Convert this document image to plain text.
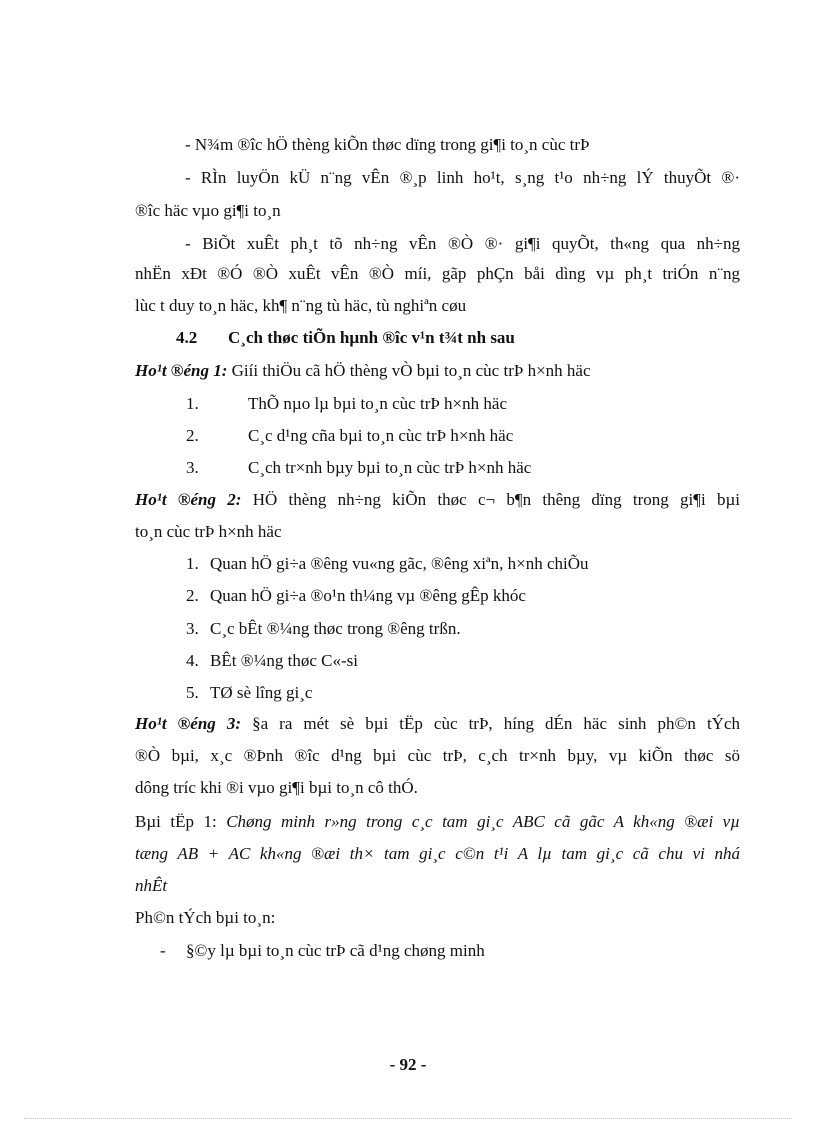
- N¾m ®îc hÖ thèng kiÕn thøc dïng trong gi¶i to¸n cùc trÞ
- RÌn luyÖn kÜ n¨ng vÊn ®¸p linh ho¹t, s¸ng t¹o nh÷ng lÝ thuyÕt ®·
®îc häc vµo gi¶i to¸n
- BiÕt xuÊt ph¸t tõ nh÷ng vÊn ®Ò ®· gi¶i quyÕt, th«ng qua nh÷ng
nhËn xÐt ®Ó ®Ò xuÊt vÊn ®Ò míi, gãp phÇn båi dìng vµ ph¸t triÓn n¨ng
lùc t duy to¸n häc, kh¶ n¨ng tù häc, tù nghiªn cøu
4.2 C¸ch thøc tiÕn hµnh ®îc v¹n t¾t nh sau
Ho¹t ®éng 1: Giíi thiÖu cã hÖ thèng vÒ bµi to¸n cùc trÞ h×nh häc
1.	ThÕ nµo lµ bµi to¸n cùc trÞ h×nh häc
2.	C¸c d¹ng cña bµi to¸n cùc trÞ h×nh häc
3.	C¸ch tr×nh bµy bµi to¸n cùc trÞ h×nh häc
Ho¹t ®éng 2: HÖ thèng nh÷ng kiÕn thøc c¬ b¶n thêng dïng trong gi¶i bµi
to¸n cùc trÞ h×nh häc
1. Quan hÖ gi÷a ®êng vu«ng gãc, ®êng xiªn, h×nh chiÕu
2. Quan hÖ gi÷a ®o¹n th¼ng vµ ®êng gÊp khóc
3. C¸c bÊt ®¼ng thøc trong ®êng trßn.
4. BÊt ®¼ng thøc C«-si
5. TØ sè lîng gi¸c
Ho¹t ®éng 3: §a ra mét sè bµi tËp cùc trÞ, híng dÉn häc sinh ph©n tÝch
®Ò bµi, x¸c ®Þnh ®îc d¹ng bµi cùc trÞ, c¸ch tr×nh bµy, vµ kiÕn thøc sö
dông tríc khi ®i vµo gi¶i bµi to¸n cô thÓ.
Bµi tËp 1: Chøng minh r»ng trong c¸c tam gi¸c ABC cã gãc A kh«ng ®æi vµ
tæng AB + AC kh«ng ®æi th× tam gi¸c c©n t¹i A lµ tam gi¸c cã chu vi nhá
nhÊt
Ph©n tÝch bµi to¸n:
- §©y lµ bµi to¸n cùc trÞ cã d¹ng chøng minh
- 92 -
